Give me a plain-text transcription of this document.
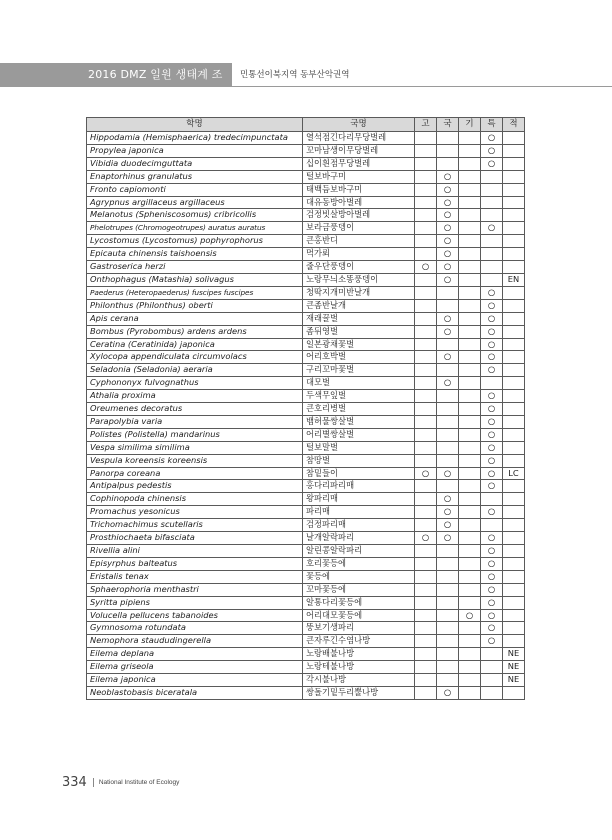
2016 DMZ 일원 생태계 조사
민통선이북지역 동부산악권역
학명	국명	고	국	기	특	적
Hippodamia (Hemisphaerica) tredecimpunctata	열석점긴다리무당벌레				○	
Propylea japonica	꼬마남생이무당벌레				○	
Vibidia duodecimguttata	십이흰점무당벌레				○	
Enaptorhinus granulatus	털보바구미		○			
Fronto capiomonti	태백듬보바구미		○			
Agrypnus argillaceus argillaceus	대유동방아벌레		○			
Melanotus (Spheniscosomus) cribricollis	검정빗살방아벌레		○			
Phelotrupes (Chromogeotrupes) auratus auratus	보라금풍뎅이		○		○	
Lycostomus (Lycostomus) pophyrophorus	큰홍반디		○			
Epicauta chinensis taishoensis	먹가뢰		○			
Gastroserica herzi	줄우단풍뎅이	○	○			
Onthophagus (Matashia) solivagus	노랑무늬소똥풍뎅이		○			EN
Paederus (Heteropaederus) fuscipes fuscipes	청딱지개미반날개				○	
Philonthus (Philonthus) oberti	큰좀반날개				○	
Apis cerana	재래꿀벌		○		○	
Bombus (Pyrobombus) ardens ardens	좀뒤영벌		○		○	
Ceratina (Ceratinida) japonica	일본광채꽃벌				○	
Xylocopa appendiculata circumvolacs	어리호박벌		○		○	
Seladonia (Seladonia) aeraria	구리꼬마꽃벌				○	
Cyphononyx fulvognathus	대모벌		○			
Athalia proxima	두색무잎벌				○	
Oreumenes decoratus	큰호리병벌				○	
Parapolybia varia	뱀허물쌍살벌				○	
Polistes (Polistella) mandarinus	어리별쌍살벌				○	
Vespa similima similima	털보말벌				○	
Vespula koreensis koreensis	참땅벌				○	
Panorpa coreana	참밑들이	○	○		○	LC
Antipalpus pedestis	홍다리파리매				○	
Cophinopoda chinensis	왕파리매		○			
Promachus yesonicus	파리매		○		○	
Trichomachimus scutellaris	검정파리매		○			
Prosthiochaeta bifasciata	날개알락파리	○	○		○	
Rivellia alini	알린콩알락파리				○	
Episyrphus balteatus	호리꽃등에				○	
Eristalis tenax	꽃등에				○	
Sphaerophoria menthastri	꼬마꽃등에				○	
Syritta pipiens	알통다리꽃등에				○	
Volucella pellucens tabanoides	어리대모꽃등에			○	○	
Gymnosoma rotundata	뚱보기생파리				○	
Nemophora staududingerella	큰자루긴수염나방				○	
Eilema deplana	노랑배불나방					NE
Eilema griseola	노랑테불나방					NE
Eilema japonica	각시불나방					NE
Neoblastobasis biceratala	쌍돌기밑두리뿔나방		○			
334 National Institute of Ecology
